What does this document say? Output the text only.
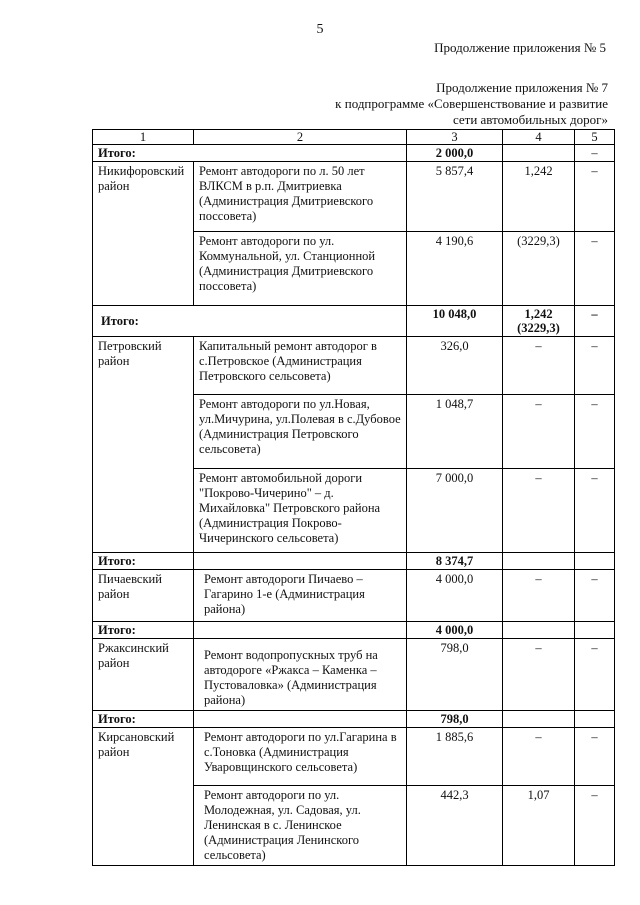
5
Продолжение приложения № 5
Продолжение приложения № 7
к подпрограмме «Совершенствование и развитие
сети автомобильных дорог»
1	2	3	4	5
Итого:		2 000,0		–
Никифоровский район	Ремонт автодороги по л. 50 лет ВЛКСМ в р.п. Дмитриевка (Администрация Дмитриевского поссовета)	5 857,4	1,242	–
	Ремонт автодороги по ул. Коммунальной, ул. Станционной (Администрация Дмитриевского поссовета)	4 190,6	(3229,3)	–
Итого:		10 048,0	1,242 (3229,3)	–
Петровский район	Капитальный ремонт автодорог в с.Петровское (Администрация Петровского сельсовета)	326,0	–	–
	Ремонт автодороги по ул.Новая, ул.Мичурина, ул.Полевая в с.Дубовое (Администрация Петровского сельсовета)	1 048,7	–	–
	Ремонт автомобильной дороги "Покрово-Чичерино" – д. Михайловка" Петровского района (Администрация Покрово-Чичеринского сельсовета)	7 000,0	–	–
Итого:		8 374,7		
Пичаевский район	Ремонт автодороги Пичаево – Гагарино 1-е (Администрация района)	4 000,0	–	–
Итого:		4 000,0		
Ржаксинский район	Ремонт водопропускных труб на автодороге «Ржакса – Каменка – Пустоваловка» (Администрация района)	798,0	–	–
Итого:		798,0		
Кирсановский район	Ремонт автодороги по ул.Гагарина в с.Тоновка (Администрация Уваровщинского сельсовета)	1 885,6	–	–
	Ремонт автодороги по ул. Молодежная, ул. Садовая, ул. Ленинская в с. Ленинское (Администрация Ленинского сельсовета)	442,3	1,07	–
